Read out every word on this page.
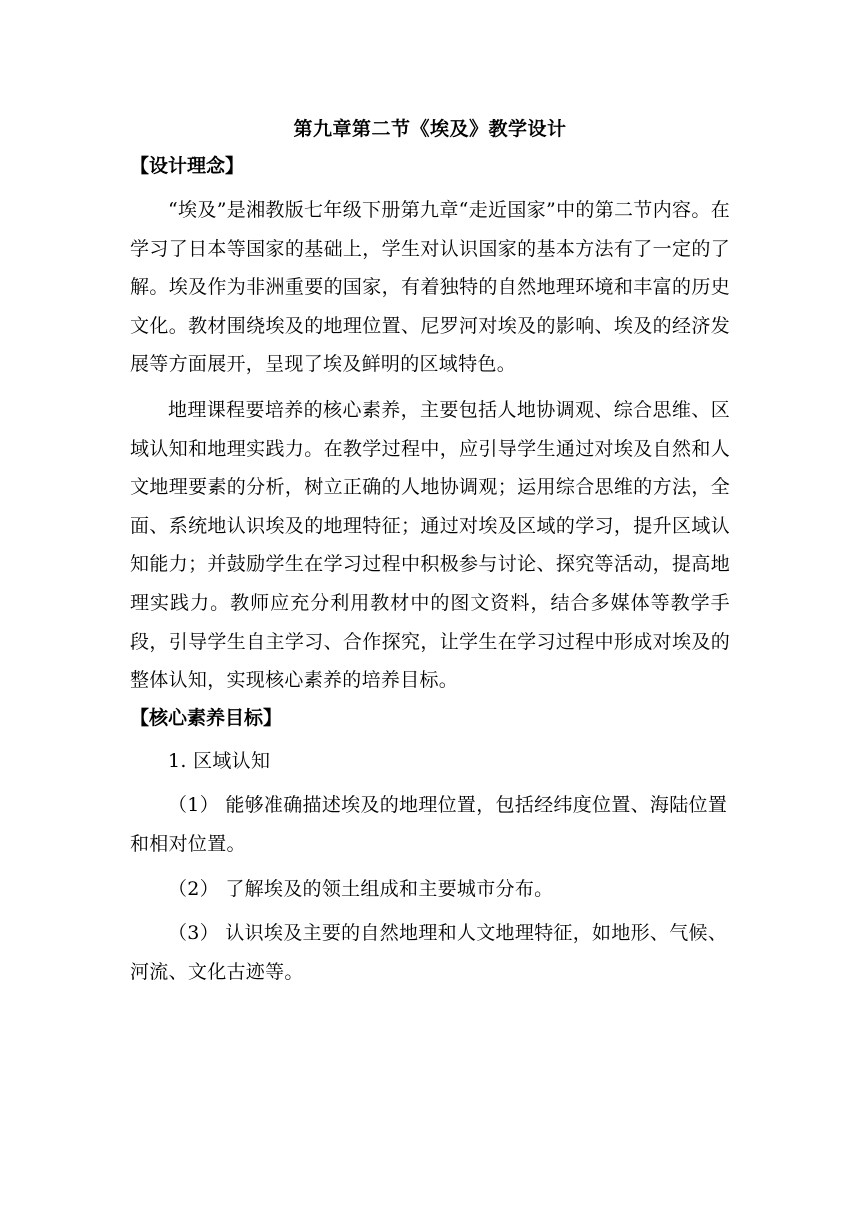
第九章第二节《埃及》教学设计
【设计理念】

“埃及”是湘教版七年级下册第九章“走近国家”中的第二节内容。在学习了日本等国家的基础上，学生对认识国家的基本方法有了一定的了解。埃及作为非洲重要的国家，有着独特的自然地理环境和丰富的历史文化。教材围绕埃及的地理位置、尼罗河对埃及的影响、埃及的经济发展等方面展开，呈现了埃及鲜明的区域特色。

地理课程要培养的核心素养，主要包括人地协调观、综合思维、区域认知和地理实践力。在教学过程中，应引导学生通过对埃及自然和人文地理要素的分析，树立正确的人地协调观；运用综合思维的方法，全面、系统地认识埃及的地理特征；通过对埃及区域的学习，提升区域认知能力；并鼓励学生在学习过程中积极参与讨论、探究等活动，提高地理实践力。教师应充分利用教材中的图文资料，结合多媒体等教学手段，引导学生自主学习、合作探究，让学生在学习过程中形成对埃及的整体认知，实现核心素养的培养目标。

【核心素养目标】

1. 区域认知

（1） 能够准确描述埃及的地理位置，包括经纬度位置、海陆位置和相对位置。

（2） 了解埃及的领土组成和主要城市分布。

（3） 认识埃及主要的自然地理和人文地理特征，如地形、气候、河流、文化古迹等。
